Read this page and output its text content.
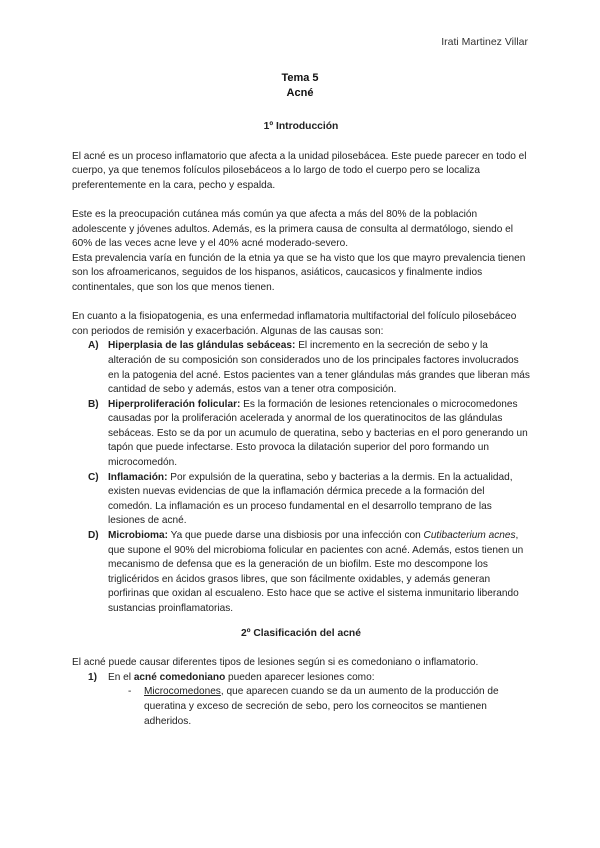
Irati Martinez Villar
Tema 5
Acné

1º Introducción

El acné es un proceso inflamatorio que afecta a la unidad pilosebácea. Este puede parecer en todo el cuerpo, ya que tenemos folículos pilosebáceos a lo largo de todo el cuerpo pero se localiza preferentemente en la cara, pecho y espalda.

Este es la preocupación cutánea más común ya que afecta a más del 80% de la población adolescente y jóvenes adultos. Además, es la primera causa de consulta al dermatólogo, siendo el 60% de las veces acne leve y el 40% acné moderado-severo.

Esta prevalencia varía en función de la etnia ya que se ha visto que los que mayro prevalencia tienen son los afroamericanos, seguidos de los hispanos, asiáticos, caucasicos y finalmente indios continentales, que son los que menos tienen.

En cuanto a la fisiopatogenia, es una enfermedad inflamatoria multifactorial del folículo pilosebáceo con periodos de remisión y exacerbación. Algunas de las causas son:

A) Hiperplasia de las glándulas sebáceas: El incremento en la secreción de sebo y la alteración de su composición son considerados uno de los principales factores involucrados en la patogenia del acné. Estos pacientes van a tener glándulas más grandes que liberan más cantidad de sebo y además, estos van a tener otra composición.
B) Hiperproliferación folicular: Es la formación de lesiones retencionales o microcomedones causadas por la proliferación acelerada y anormal de los queratinocitos de las glándulas sebáceas. Esto se da por un acumulo de queratina, sebo y bacterias en el poro generando un tapón que puede infectarse. Esto provoca la dilatación superior del poro formando un microcomedón.
C) Inflamación: Por expulsión de la queratina, sebo y bacterias a la dermis. En la actualidad, existen nuevas evidencias de que la inflamación dérmica precede a la formación del comedón. La inflamación es un proceso fundamental en el desarrollo temprano de las lesiones de acné.
D) Microbioma: Ya que puede darse una disbiosis por una infección con Cutibacterium acnes, que supone el 90% del microbioma folicular en pacientes con acné. Además, estos tienen un mecanismo de defensa que es la generación de un biofilm. Este mo descompone los triglicéridos en ácidos grasos libres, que son fácilmente oxidables, y además generan porfirinas que oxidan al escualeno. Esto hace que se active el sistema inmunitario liberando sustancias proinflamatorias.

2º Clasificación del acné

El acné puede causar diferentes tipos de lesiones según si es comedoniano o inflamatorio.

1) En el acné comedoniano pueden aparecer lesiones como:
- Microcomedones, que aparecen cuando se da un aumento de la producción de queratina y exceso de secreción de sebo, pero los corneocitos se mantienen adheridos.
